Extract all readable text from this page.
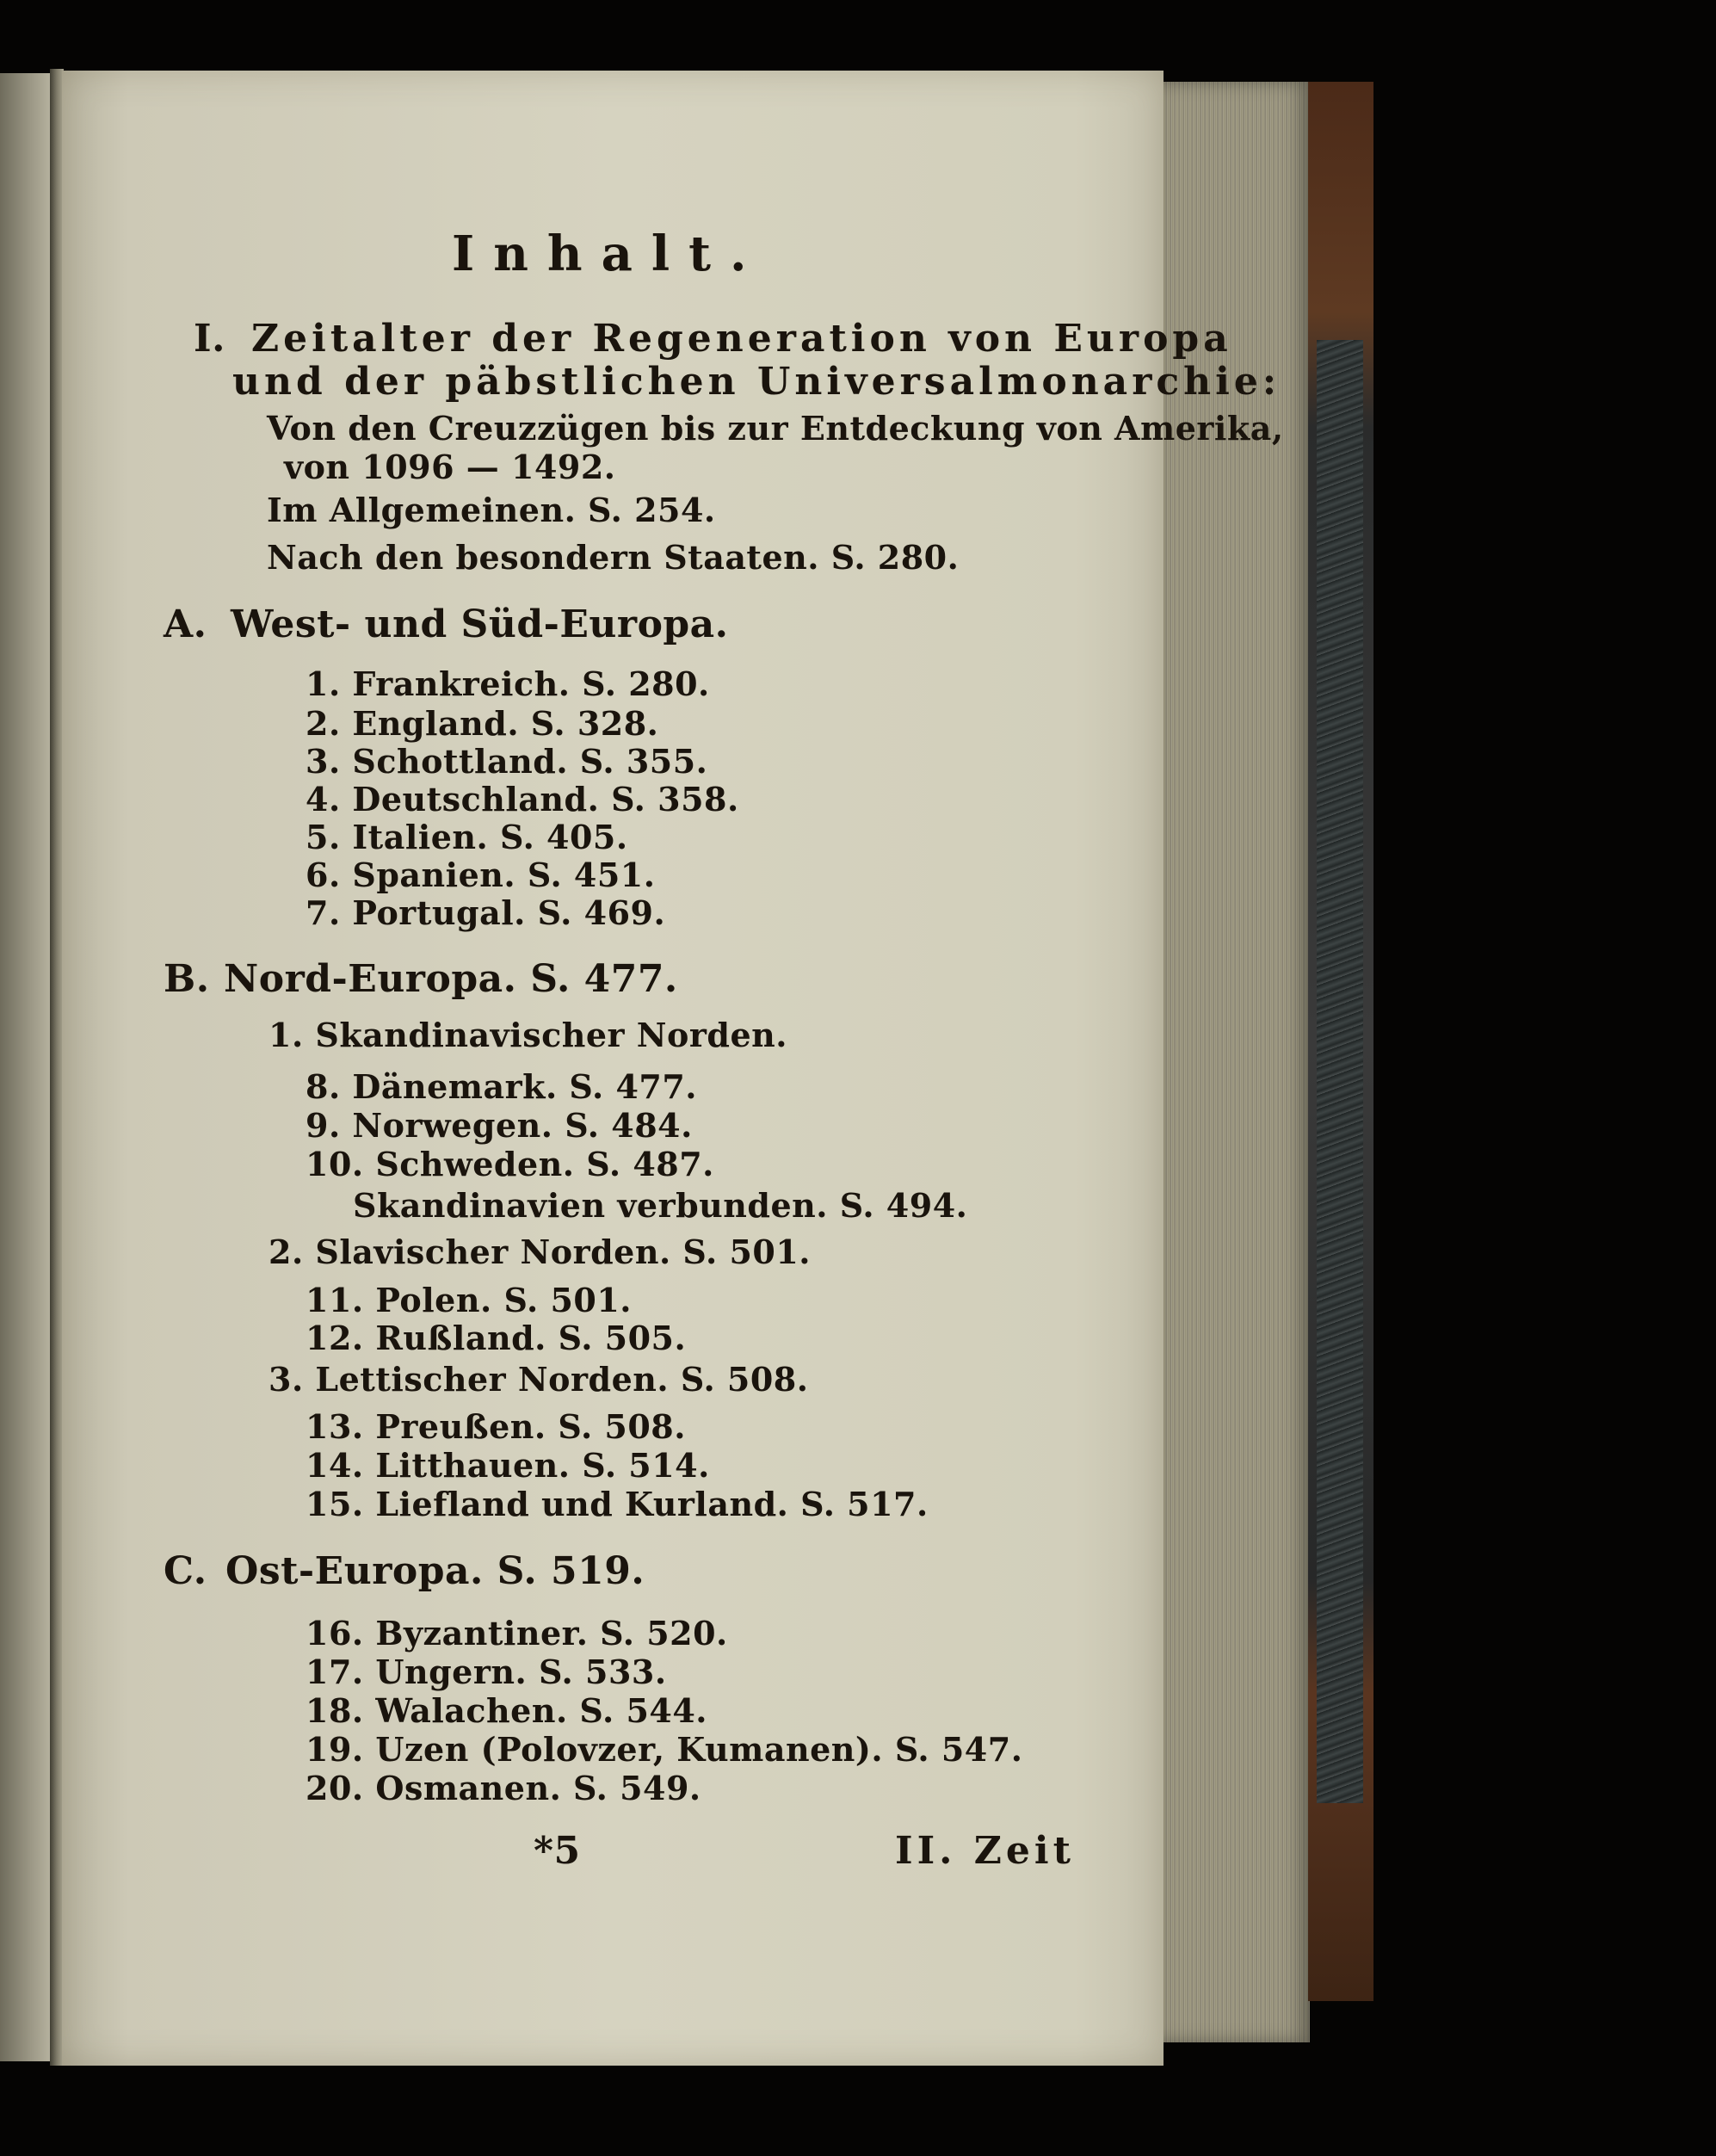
Inhalt.
I. Zeitalter der Regeneration von Europa
und der päbstlichen Universalmonarchie:
Von den Creuzzügen bis zur Entdeckung von Amerika,
von 1096 — 1492.
Im Allgemeinen. S. 254.
Nach den besondern Staaten. S. 280.
A. West- und Süd-Europa.
1. Frankreich. S. 280.
2. England. S. 328.
3. Schottland. S. 355.
4. Deutschland. S. 358.
5. Italien. S. 405.
6. Spanien. S. 451.
7. Portugal. S. 469.
B. Nord-Europa. S. 477.
1. Skandinavischer Norden.
8. Dänemark. S. 477.
9. Norwegen. S. 484.
10. Schweden. S. 487.
Skandinavien verbunden. S. 494.
2. Slavischer Norden. S. 501.
11. Polen. S. 501.
12. Rußland. S. 505.
3. Lettischer Norden. S. 508.
13. Preußen. S. 508.
14. Litthauen. S. 514.
15. Liefland und Kurland. S. 517.
C. Ost-Europa. S. 519.
16. Byzantiner. S. 520.
17. Ungern. S. 533.
18. Walachen. S. 544.
19. Uzen (Polovzer, Kumanen). S. 547.
20. Osmanen. S. 549.
*5	II. Zeit
